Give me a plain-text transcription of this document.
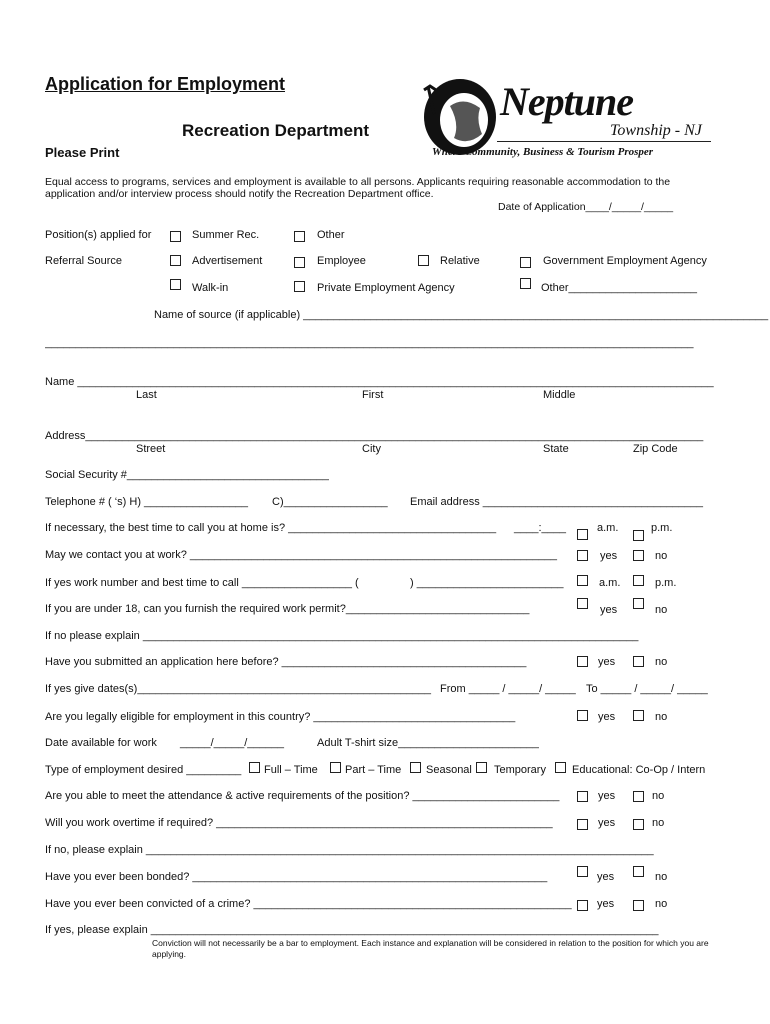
Application for Employment
Recreation Department
Please Print
Neptune
Township - NJ
Where Community, Business & Tourism Prosper
Equal access to programs, services and employment is available to all persons. Applicants requiring reasonable accommodation to the application and/or interview process should notify the Recreation Department office.
Date of Application____/_____/_____
Position(s) applied for	Summer Rec.	Other
Referral Source	Advertisement	Employee	Relative	Government Employment Agency
Walk-in	Private Employment Agency	Other_____________________
Name of source (if applicable) ____________________________________________________________________________
__________________________________________________________________________________________________________
Name ________________________________________________________________________________________________________
Last	First	Middle
Address_____________________________________________________________________________________________________
Street	City	State	Zip Code
Social Security #_________________________________
Telephone # ( ‘s) H) _________________ C)_________________ Email address ____________________________________
If necessary, the best time to call you at home is? __________________________________ ____:____	a.m.	p.m.
May we contact you at work? ____________________________________________________________	yes	no
If yes work number and best time to call __________________ (	) ________________________	a.m.	p.m.
If you are under 18, can you furnish the required work permit?______________________________	yes	no
If no please explain _________________________________________________________________________________
Have you submitted an application here before? ________________________________________	yes	no
If yes give dates(s)________________________________________________ From _____ / _____/ _____ To _____ / _____/ _____
Are you legally eligible for employment in this country? _________________________________	yes	no
Date available for work _____/_____/______	Adult T-shirt size_______________________
Type of employment desired _________ Full – Time Part – Time Seasonal Temporary Educational: Co-Op / Intern
Are you able to meet the attendance & active requirements of the position? ________________________	yes	no
Will you work overtime if required? _______________________________________________________	yes	no
If no, please explain ___________________________________________________________________________________
Have you ever been bonded? __________________________________________________________	yes	no
Have you ever been convicted of a crime? ____________________________________________________ yes	no
If yes, please explain ___________________________________________________________________________________
Conviction will not necessarily be a bar to employment. Each instance and explanation will be considered in relation to the position for which you are applying.
